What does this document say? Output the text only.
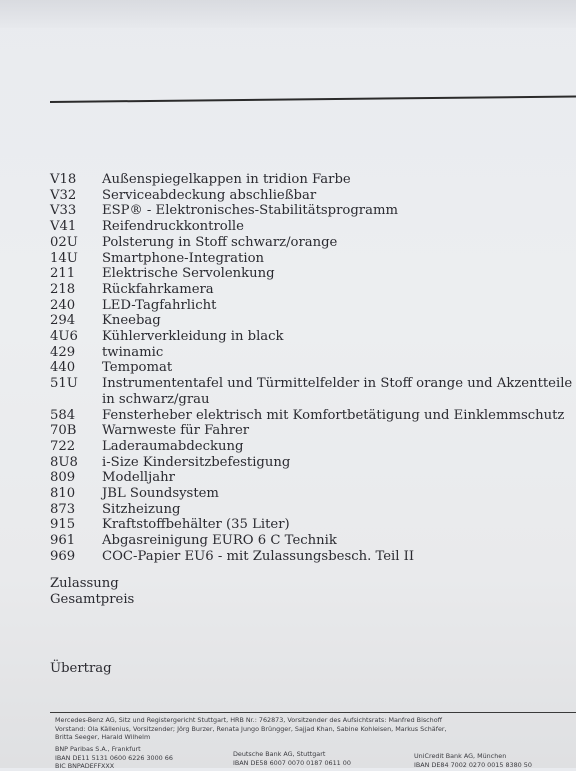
V18	Außenspiegelkappen in tridion Farbe
V32	Serviceabdeckung abschließbar
V33	ESP® - Elektronisches-Stabilitätsprogramm
V41	Reifendruckkontrolle
02U	Polsterung in Stoff schwarz/orange
14U	Smartphone-Integration
211	Elektrische Servolenkung
218	Rückfahrkamera
240	LED-Tagfahrlicht
294	Kneebag
4U6	Kühlerverkleidung in black
429	twinamic
440	Tempomat
51U	Instrumententafel und Türmittelfelder in Stoff orange und Akzentteile in schwarz/grau
584	Fensterheber elektrisch mit Komfortbetätigung und Einklemmschutz
70B	Warnweste für Fahrer
722	Laderaumabdeckung
8U8	i-Size Kindersitzbefestigung
809	Modelljahr
810	JBL Soundsystem
873	Sitzheizung
915	Kraftstoffbehälter (35 Liter)
961	Abgasreinigung EURO 6 C Technik
969	COC-Papier EU6 - mit Zulassungsbesch. Teil II
Zulassung
Gesamtpreis
Übertrag
Mercedes-Benz AG, Sitz und Registergericht Stuttgart, HRB Nr.: 762873, Vorsitzender des Aufsichtsrats: Manfred Bischoff
Vorstand: Ola Källenius, Vorsitzender; Jörg Burzer, Renata Jungo Brüngger, Sajjad Khan, Sabine Kohleisen, Markus Schäfer,
Britta Seeger, Harald Wilhelm
BNP Paribas S.A., Frankfurt
IBAN DE11 5131 0600 6226 3000 66
BIC BNPADEFFXXX
Deutsche Bank AG, Stuttgart
IBAN DE58 6007 0070 0187 0611 00
UniCredit Bank AG, München
IBAN DE84 7002 0270 0015 8380 50
